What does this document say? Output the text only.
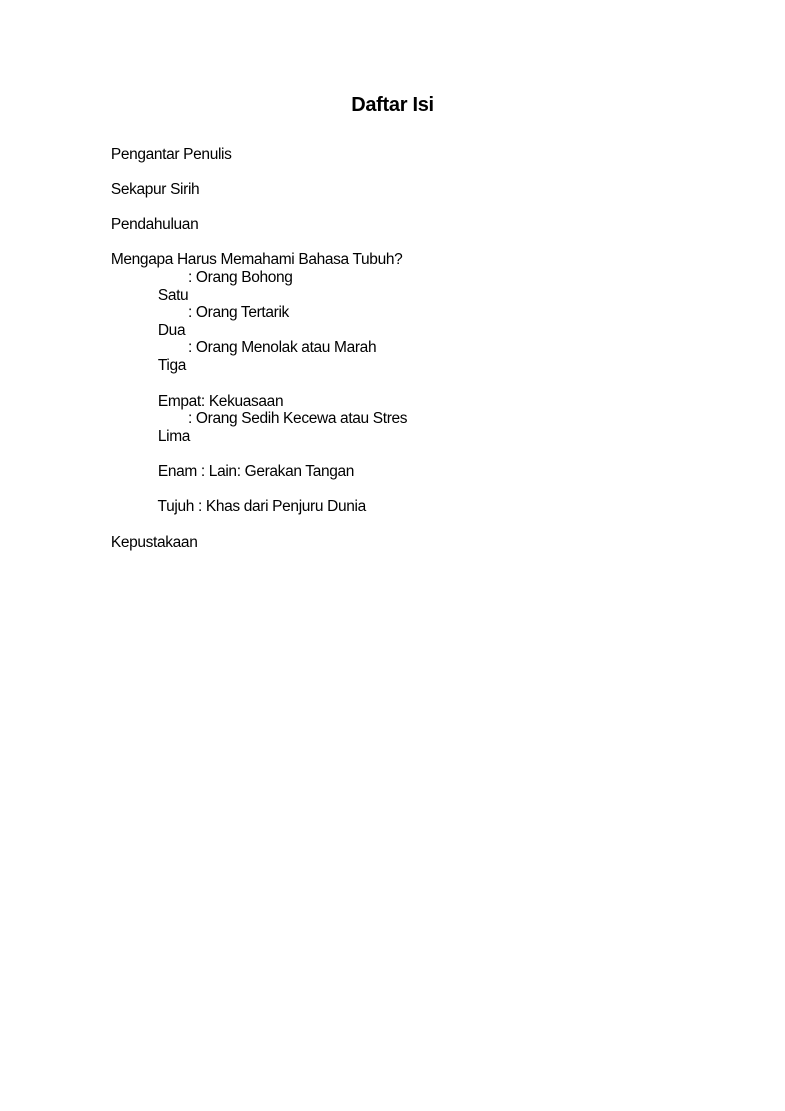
Daftar Isi

Pengantar Penulis

Sekapur Sirih

Pendahuluan

Mengapa Harus Memahami Bahasa Tubuh?

Satu
: Orang Bohong

Dua
: Orang Tertarik

Tiga
: Orang Menolak atau Marah

Empat: Kekuasaan

Lima
: Orang Sedih Kecewa atau Stres

Enam : Lain: Gerakan Tangan

Tujuh : Khas dari Penjuru Dunia

Kepustakaan
